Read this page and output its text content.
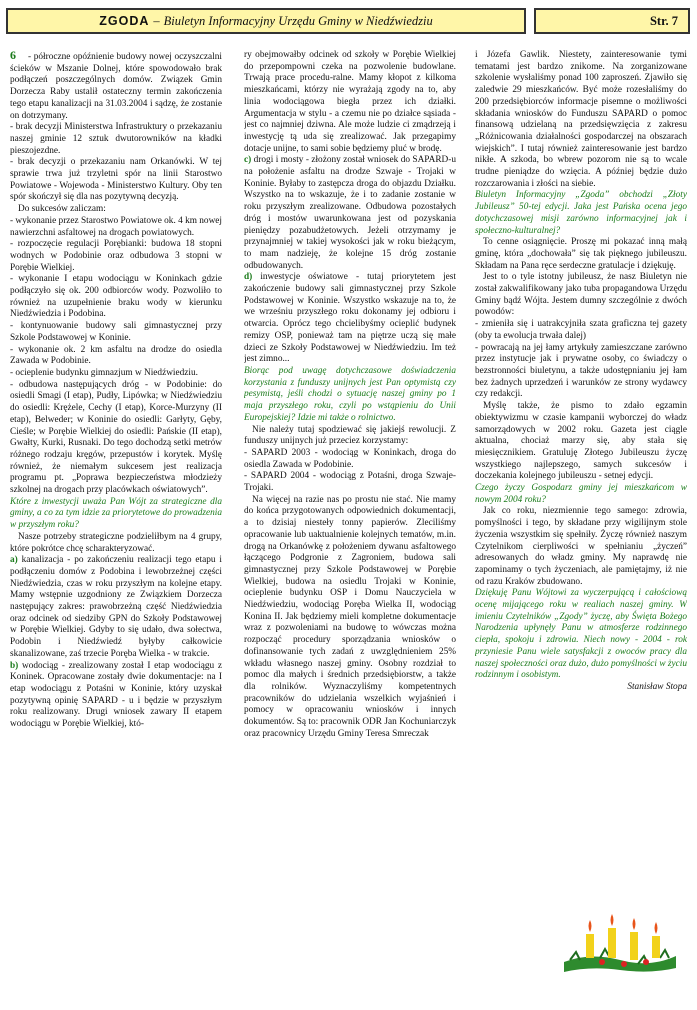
ZGODA – Biuletyn Informacyjny Urzędu Gminy w Niedźwiedziu	Str. 7

6 - półroczne opóźnienie budowy nowej oczyszczalni ścieków w Mszanie Dolnej, które spowodowało brak podłączeń poszczególnych domów. Związek Gmin Dorzecza Raby ustalił ostateczny termin zakończenia tego etapu kanalizacji na 31.03.2004 i sądzę, że zostanie on dotrzymany.

- brak decyzji Ministerstwa Infrastruktury o przekazaniu naszej gminie 12 sztuk dwutorowników na kładki pieszojezdne.

- brak decyzji o przekazaniu nam Orkanówki. W tej sprawie trwa już trzyletni spór na linii Starostwo Powiatowe - Wojewoda - Ministerstwo Kultury. Oby ten spór skończył się dla nas pozytywną decyzją.

Do sukcesów zaliczam:

- wykonanie przez Starostwo Powiatowe ok. 4 km nowej nawierzchni asfaltowej na drogach powiatowych.

- rozpoczęcie regulacji Porębianki: budowa 18 stopni wodnych w Podobinie oraz odbudowa 3 stopni w Porębie Wielkiej.

- wykonanie I etapu wodociągu w Koninkach gdzie podłączyło się ok. 200 odbiorców wody. Pozwoliło to również na uzupełnienie braku wody w kierunku Niedźwiedzia i Podobina.

- kontynuowanie budowy sali gimnastycznej przy Szkole Podstawowej w Koninie.

- wykonanie ok. 2 km asfaltu na drodze do osiedla Zawada w Podobinie.

- ocieplenie budynku gimnazjum w Niedźwiedziu.

- odbudowa następujących dróg - w Podobinie: do osiedli Smagi (I etap), Pudły, Lipówka; w Niedźwiedziu do osiedli: Krężele, Cechy (I etap), Korce-Murzyny (II etap), Belweder; w Koninie do osiedli: Garłyty, Gęby, Cieśle; w Porębie Wielkiej do osiedli: Pańskie (II etap), Gwałty, Kurki, Rusnaki. Do tego dochodzą setki metrów różnego rodzaju kręgów, przepustów i korytek. Myślę również, że niemałym sukcesem jest realizacja programu pt. „Poprawa bezpieczeństwa młodzieży szkolnej na drogach przy placówkach oświatowych”.

Które z inwestycji uważa Pan Wójt za strategiczne dla gminy, a co za tym idzie za priorytetowe do prowadzenia w przyszłym roku?

Nasze potrzeby strategiczne podzieliłbym na 4 grupy, które pokrótce chcę scharakteryzować.

a) kanalizacja - po zakończeniu realizacji tego etapu i podłączeniu domów z Podobina i lewobrzeżnej części Niedźwiedzia, czas w roku przyszłym na kolejne etapy. Mamy wstępnie uzgodniony ze Związkiem Dorzecza następujący zakres: prawobrzeżną część Niedźwiedzia oraz odcinek od siedziby GPN do Szkoły Podstawowej w Porębie Wielkiej. Gdyby to się udało, dwa sołectwa, Podobin i Niedźwiedź byłyby całkowicie skanalizowane, zaś trzecie Poręba Wielka - w trakcie.

b) wodociąg - zrealizowany został I etap wodociągu z Koninek. Opracowane zostały dwie dokumentacje: na I etap wodociągu z Potaśni w Koninie, który uzyskał pozytywną opinię SAPARD - u i będzie w przyszłym roku realizowany. Drugi wniosek zawary II etapem wodociągu w Porębie Wielkiej, któ-

ry obejmowałby odcinek od szkoły w Porębie Wielkiej do przepompowni czeka na pozwolenie budowlane. Trwają prace procedu-ralne. Mamy kłopot z kilkoma mieszkańcami, którzy nie wyrażają zgody na to, aby linia wodociągowa biegła przez ich działki. Argumentacja w stylu - a czemu nie po działce sąsiada - jest co najmniej dziwna. Ale może ludzie ci zmądrzeją i inwestycję tą uda się zrealizować. Jak przegapimy dotacje unijne, to sami sobie będziemy pluć w brodę.

c) drogi i mosty - złożony został wniosek do SAPARD-u na położenie asfaltu na drodze Szwaje - Trojaki w Koninie. Byłaby to zastępcza droga do objazdu Działku. Wszystko na to wskazuje, że i to zadanie zostanie w roku przyszłym zrealizowane. Odbudowa pozostałych dróg i mostów uwarunkowana jest od pozyskania pieniędzy pozabudżetowych. Jeżeli otrzymamy je przynajmniej w takiej wysokości jak w roku bieżącym, to mam nadzieję, że kolejne 15 dróg zostanie odbudowanych.

d) inwestycje oświatowe - tutaj priorytetem jest zakończenie budowy sali gimnastycznej przy Szkole Podstawowej w Koninie. Wszystko wskazuje na to, że we wrześniu przyszłego roku dokonamy jej odbioru i otwarcia. Oprócz tego chcielibyśmy ocieplić budynek remizy OSP, ponieważ tam na piętrze uczą się małe dzieci ze Szkoły Podstawowej w Niedźwiedziu. Im też jest zimno...

Biorąc pod uwagę dotychczasowe doświadczenia korzystania z funduszy unijnych jest Pan optymistą czy pesymistą, jeśli chodzi o sytuację naszej gminy po 1 maja przyszłego roku, czyli po wstąpieniu do Unii Europejskiej? Idzie mi także o rolnictwo.

Nie należy tutaj spodziewać się jakiejś rewolucji. Z funduszy unijnych już przeciez korzystamy:

- SAPARD 2003 - wodociąg w Koninkach, droga do osiedla Zawada w Podobinie.

- SAPARD 2004 - wodociąg z Potaśni, droga Szwaje-Trojaki.

Na więcej na razie nas po prostu nie stać. Nie mamy do końca przygotowanych odpowiednich dokumentacji, a to dzisiaj niesteły tonny papierów. Zleciliśmy opracowanie lub uaktualnienie kolejnych tematów, m.in. drogą na Orkanówkę z położeniem dywanu asfaltowego łączącego Podgronie z Zagroniem, budowa sali gimnastycznej przy Szkole Podstawowej w Porębie Wielkiej, budowa na osiedlu Trojaki w Koninie, ocieplenie budynku OSP i Domu Nauczyciela w Niedźwiedziu, wodociąg Poręba Wielka II, wodociąg Konina II. Jak będziemy mieli kompletne dokumentacje wraz z pozwoleniami na budowę to wówczas można rozpocząć procedury sporządzania wniosków o dofinansowanie tych zadań z uwzględnieniem 25% wkładu własnego naszej gminy. Osobny rozdział to pomoc dla małych i średnich przedsiębiorstw, a także dla rolników. Wyznaczyliśmy kompetentnych pracowników do udzielania wszelkich wyjaśnień i pomocy w opracowaniu wniosków i innych dokumentów. Są to: pracownik ODR Jan Kochuniarczyk oraz pracownicy Urzędu Gminy Teresa Smreczak

i Józefa Gawlik. Niestety, zainteresowanie tymi tematami jest bardzo znikome. Na zorganizowane szkolenie wysłaliśmy ponad 100 zaproszeń. Zjawiło się zaledwie 29 mieszkańców. Być może rozesłaliśmy do 200 przedsiębiorców informacje pisemne o możliwości składania wniosków do Funduszu SAPARD o pomoc finansową udzielaną na przedsięwzięcia z zakresu „Różnicowania działalności gospodarczej na obszarach wiejskich”. I tutaj również zainteresowanie jest bardzo nikłe. A szkoda, bo wbrew pozorom nie są to wcale trudne pieniądze do wzięcia. A później będzie dużo rozczarowania i złości na siebie.

Biuletyn Informacyjny „Zgoda” obchodzi „Złoty Jubileusz” 50-tej edycji. Jaka jest Pańska ocena jego dotychczasowej misji zarówno informacyjnej jak i społeczno-kulturalnej?

To cenne osiągnięcie. Proszę mi pokazać inną małą gminę, która „dochowała” się tak pięknego jubileuszu. Składam na Pana ręce serdeczne gratulacje i dziękuję.

Jest to o tyle istotny jubileusz, że nasz Biuletyn nie został zakwalifikowany jako tuba propagandowa Urzędu Gminy bądź Wójta. Jestem dumny szczególnie z dwóch powodów:

- zmieniła się i uatrakcyjniła szata graficzna tej gazety (oby ta ewolucja trwała dalej)

- powracają na jej łamy artykuły zamieszczane zarówno przez instytucje jak i prywatne osoby, co świadczy o bezstronności biuletynu, a także udostępnianiu jej łam bez żadnych uprzedzeń i warunków ze strony wydawcy czy redakcji.

Myślę także, że pismo to zdało egzamin obiektywizmu w czasie kampanii wyborczej do władz samorządowych w 2002 roku. Gazeta jest ciągle aktualna, chociaż marzy się, aby stała się miesięcznikiem. Gratuluję Złotego Jubileuszu życzę wszystkiego najlepszego, samych sukcesów i doczekania kolejnego jubileuszu - setnej edycji.

Czego życzy Gospodarz gminy jej mieszkańcom w nowym 2004 roku?

Jak co roku, niezmiennie tego samego: zdrowia, pomyślności i tego, by składane przy wigilijnym stole życzenia wszystkim się spełniły. Życzę również naszym Czytelnikom cierpliwości w spełnianiu „życzeń” adresowanych do władz gminy. My naprawdę nie zapominamy o tych życzeniach, ale pamiętajmy, iż nie od razu Kraków zbudowano.

Dziękuję Panu Wójtowi za wyczerpującą i całościową ocenę mijającego roku w realiach naszej gminy. W imieniu Czytelników „Zgody” życzę, aby Święta Bożego Narodzenia upłynęły Panu w atmosferze rodzinnego ciepła, spokoju i zdrowia. Niech nowy - 2004 - rok przyniesie Panu wiele satysfakcji z owoców pracy dla naszej społeczności oraz dużo, dużo pomyślności w życiu rodzinnym i osobistym.

Stanisław Stopa
